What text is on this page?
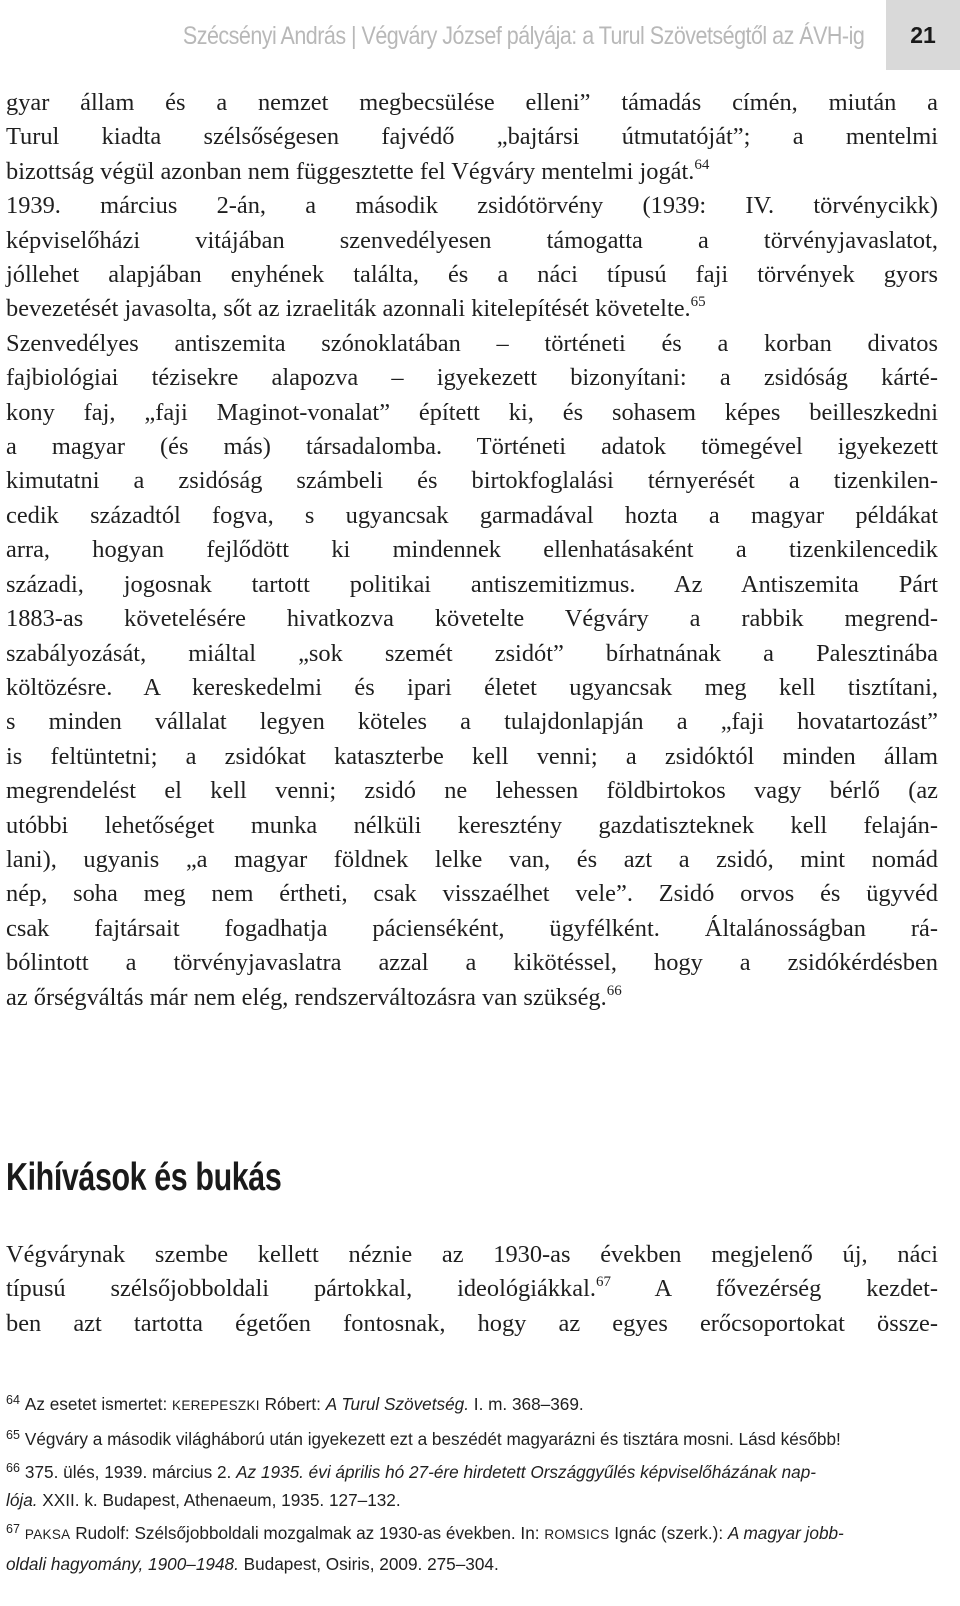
Szécsényi András | Végváry József pályája: a Turul Szövetségtől az ÁVH-ig 21
gyar állam és a nemzet megbecsülése elleni” támadás címén, miután a
Turul kiadta szélsőségesen fajvédő „bajtársi útmutatóját”; a mentelmi
bizottság végül azonban nem függesztette fel Végváry mentelmi jogát.$^{64}$
1939. március 2-án, a második zsidótörvény (1939: IV. törvénycikk)
képviselőházi vitájában szenvedélyesen támogatta a törvényjavaslatot,
jóllehet alapjában enyhének találta, és a náci típusú faji törvények gyors
bevezetését javasolta, sőt az izraeliták azonnali kitelepítését követelte.$^{65}$
Szenvedélyes antiszemita szónoklatában – történeti és a korban divatos
fajbiológiai tézisekre alapozva – igyekezett bizonyítani: a zsidóság kárté-
kony faj, „faji Maginot-vonalat” épített ki, és sohasem képes beilleszkedni
a magyar (és más) társadalomba. Történeti adatok tömegével igyekezett
kimutatni a zsidóság számbeli és birtokfoglalási térnyerését a tizenkilen-
cedik századtól fogva, s ugyancsak garmadával hozta a magyar példákat
arra, hogyan fejlődött ki mindennek ellenhatásaként a tizenkilencedik
századi, jogosnak tartott politikai antiszemitizmus. Az Antiszemita Párt
1883-as követelésére hivatkozva követelte Végváry a rabbik megrend-
szabályozását, miáltal „sok szemét zsidót” bírhatnának a Palesztinába
költözésre. A kereskedelmi és ipari életet ugyancsak meg kell tisztítani,
s minden vállalat legyen köteles a tulajdonlapján a „faji hovatartozást”
is feltüntetni; a zsidókat kataszterbe kell venni; a zsidóktól minden állam
megrendelést el kell venni; zsidó ne lehessen földbirtokos vagy bérlő (az
utóbbi lehetőséget munka nélküli keresztény gazdatiszteknek kell felaján-
lani), ugyanis „a magyar földnek lelke van, és azt a zsidó, mint nomád
nép, soha meg nem értheti, csak visszaélhet vele”. Zsidó orvos és ügyvéd
csak fajtársait fogadhatja pácienséként, ügyfélként. Általánosságban rá-
bólintott a törvényjavaslatra azzal a kikötéssel, hogy a zsidókérdésben
az őrségváltás már nem elég, rendszerváltozásra van szükség.$^{66}$
Kihívások és bukás
Végvárynak szembe kellett néznie az 1930-as években megjelenő új, náci
típusú szélsőjobboldali pártokkal, ideológiákkal.$^{67}$ A fővezérség kezdet-
ben azt tartotta égetően fontosnak, hogy az egyes erőcsoportokat össze-
$^{64}$ Az esetet ismertet: KEREPESZKI Róbert: A Turul Szövetség. I. m. 368–369.
$^{65}$ Végváry a második világháború után igyekezett ezt a beszédét magyarázni és tisztára mosni. Lásd később!
$^{66}$ 375. ülés, 1939. március 2. Az 1935. évi április hó 27-ére hirdetett Országgyűlés képviselőházának nap-
lója. XXII. k. Budapest, Athenaeum, 1935. 127–132.
$^{67}$ PAKSA Rudolf: Szélsőjobboldali mozgalmak az 1930-as években. In: ROMSICS Ignác (szerk.): A magyar jobb-
oldali hagyomány, 1900–1948. Budapest, Osiris, 2009. 275–304.
